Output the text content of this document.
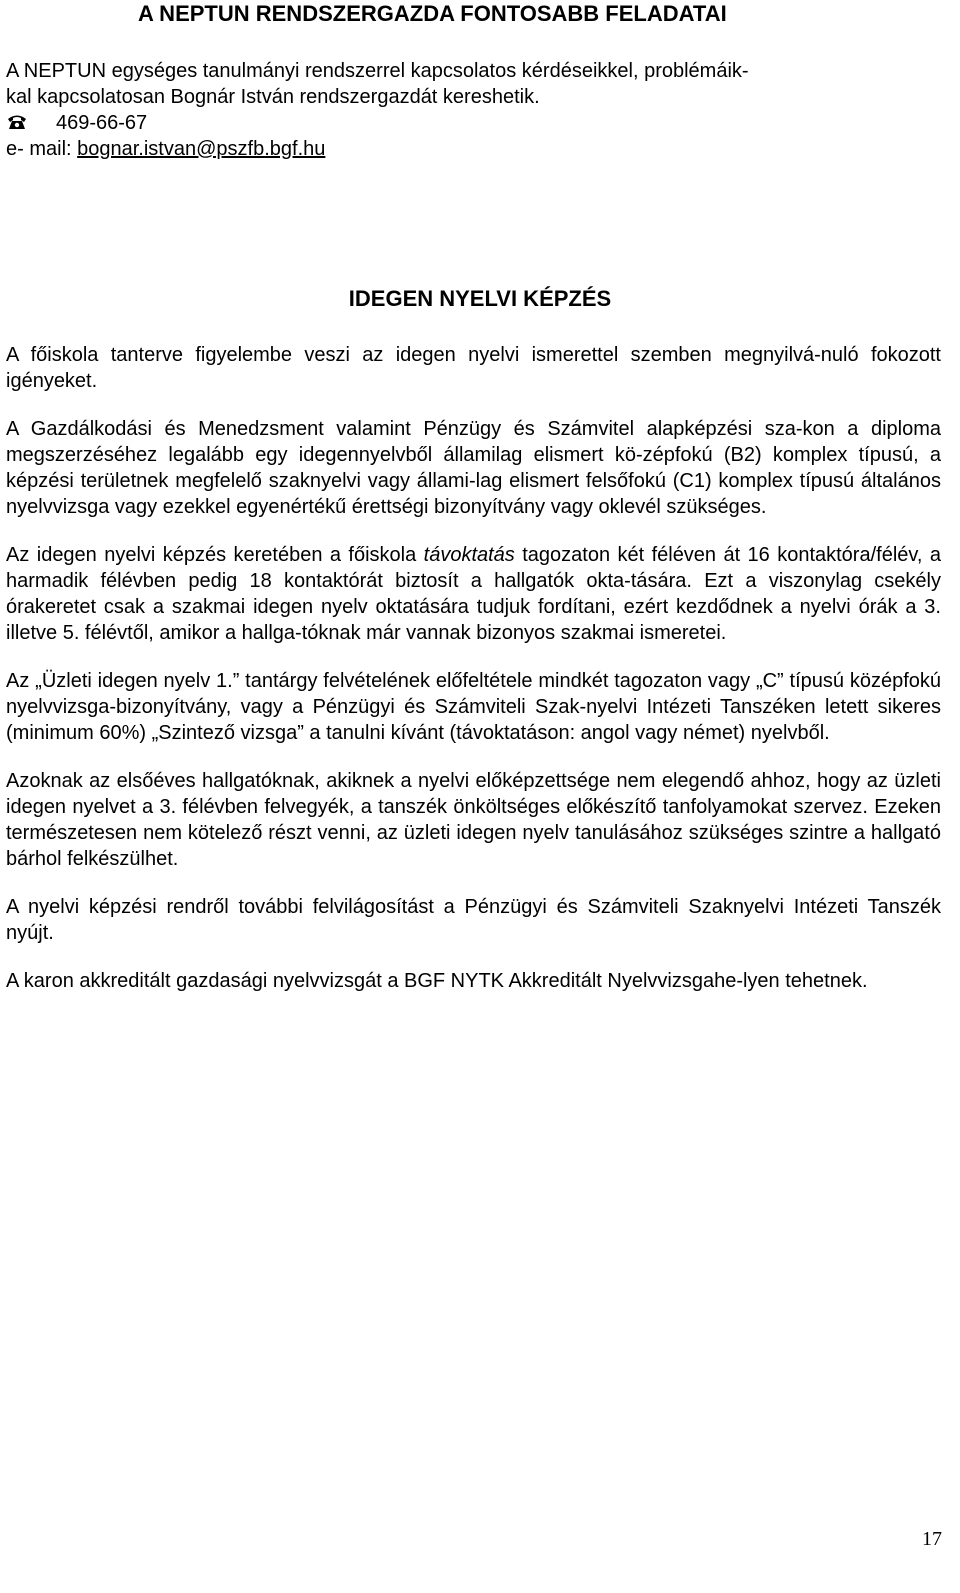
A NEPTUN RENDSZERGAZDA FONTOSABB FELADATAI
A NEPTUN egységes tanulmányi rendszerrel kapcsolatos kérdéseikkel, problémáik-
kal kapcsolatosan Bognár István rendszergazdát kereshetik.
469-66-67
e- mail: bognar.istvan@pszfb.bgf.hu
IDEGEN NYELVI KÉPZÉS

A főiskola tanterve figyelembe veszi az idegen nyelvi ismerettel szemben megnyilvá-nuló fokozott igényeket.

A Gazdálkodási és Menedzsment valamint Pénzügy és Számvitel alapképzési sza-kon a diploma megszerzéséhez legalább egy idegennyelvből államilag elismert kö-zépfokú (B2) komplex típusú, a képzési területnek megfelelő szaknyelvi vagy állami-lag elismert felsőfokú (C1) komplex típusú általános nyelvvizsga vagy ezekkel egyenértékű érettségi bizonyítvány vagy oklevél szükséges.

Az idegen nyelvi képzés keretében a főiskola távoktatás tagozaton két féléven át 16 kontaktóra/félév, a harmadik félévben pedig 18 kontaktórát biztosít a hallgatók okta-tására. Ezt a viszonylag csekély órakeretet csak a szakmai idegen nyelv oktatására tudjuk fordítani, ezért kezdődnek a nyelvi órák a 3. illetve 5. félévtől, amikor a hallga-tóknak már vannak bizonyos szakmai ismeretei.

Az „Üzleti idegen nyelv 1.” tantárgy felvételének előfeltétele mindkét tagozaton vagy „C” típusú középfokú nyelvvizsga-bizonyítvány, vagy a Pénzügyi és Számviteli Szak-nyelvi Intézeti Tanszéken letett sikeres (minimum 60%) „Szintező vizsga” a tanulni kívánt (távoktatáson: angol vagy német) nyelvből.

Azoknak az elsőéves hallgatóknak, akiknek a nyelvi előképzettsége nem elegendő ahhoz, hogy az üzleti idegen nyelvet a 3. félévben felvegyék, a tanszék önköltséges előkészítő tanfolyamokat szervez. Ezeken természetesen nem kötelező részt venni, az üzleti idegen nyelv tanulásához szükséges szintre a hallgató bárhol felkészülhet.

A nyelvi képzési rendről további felvilágosítást a Pénzügyi és Számviteli Szaknyelvi Intézeti Tanszék nyújt.

A karon akkreditált gazdasági nyelvvizsgát a BGF NYTK Akkreditált Nyelvvizsgahe-lyen tehetnek.

17
